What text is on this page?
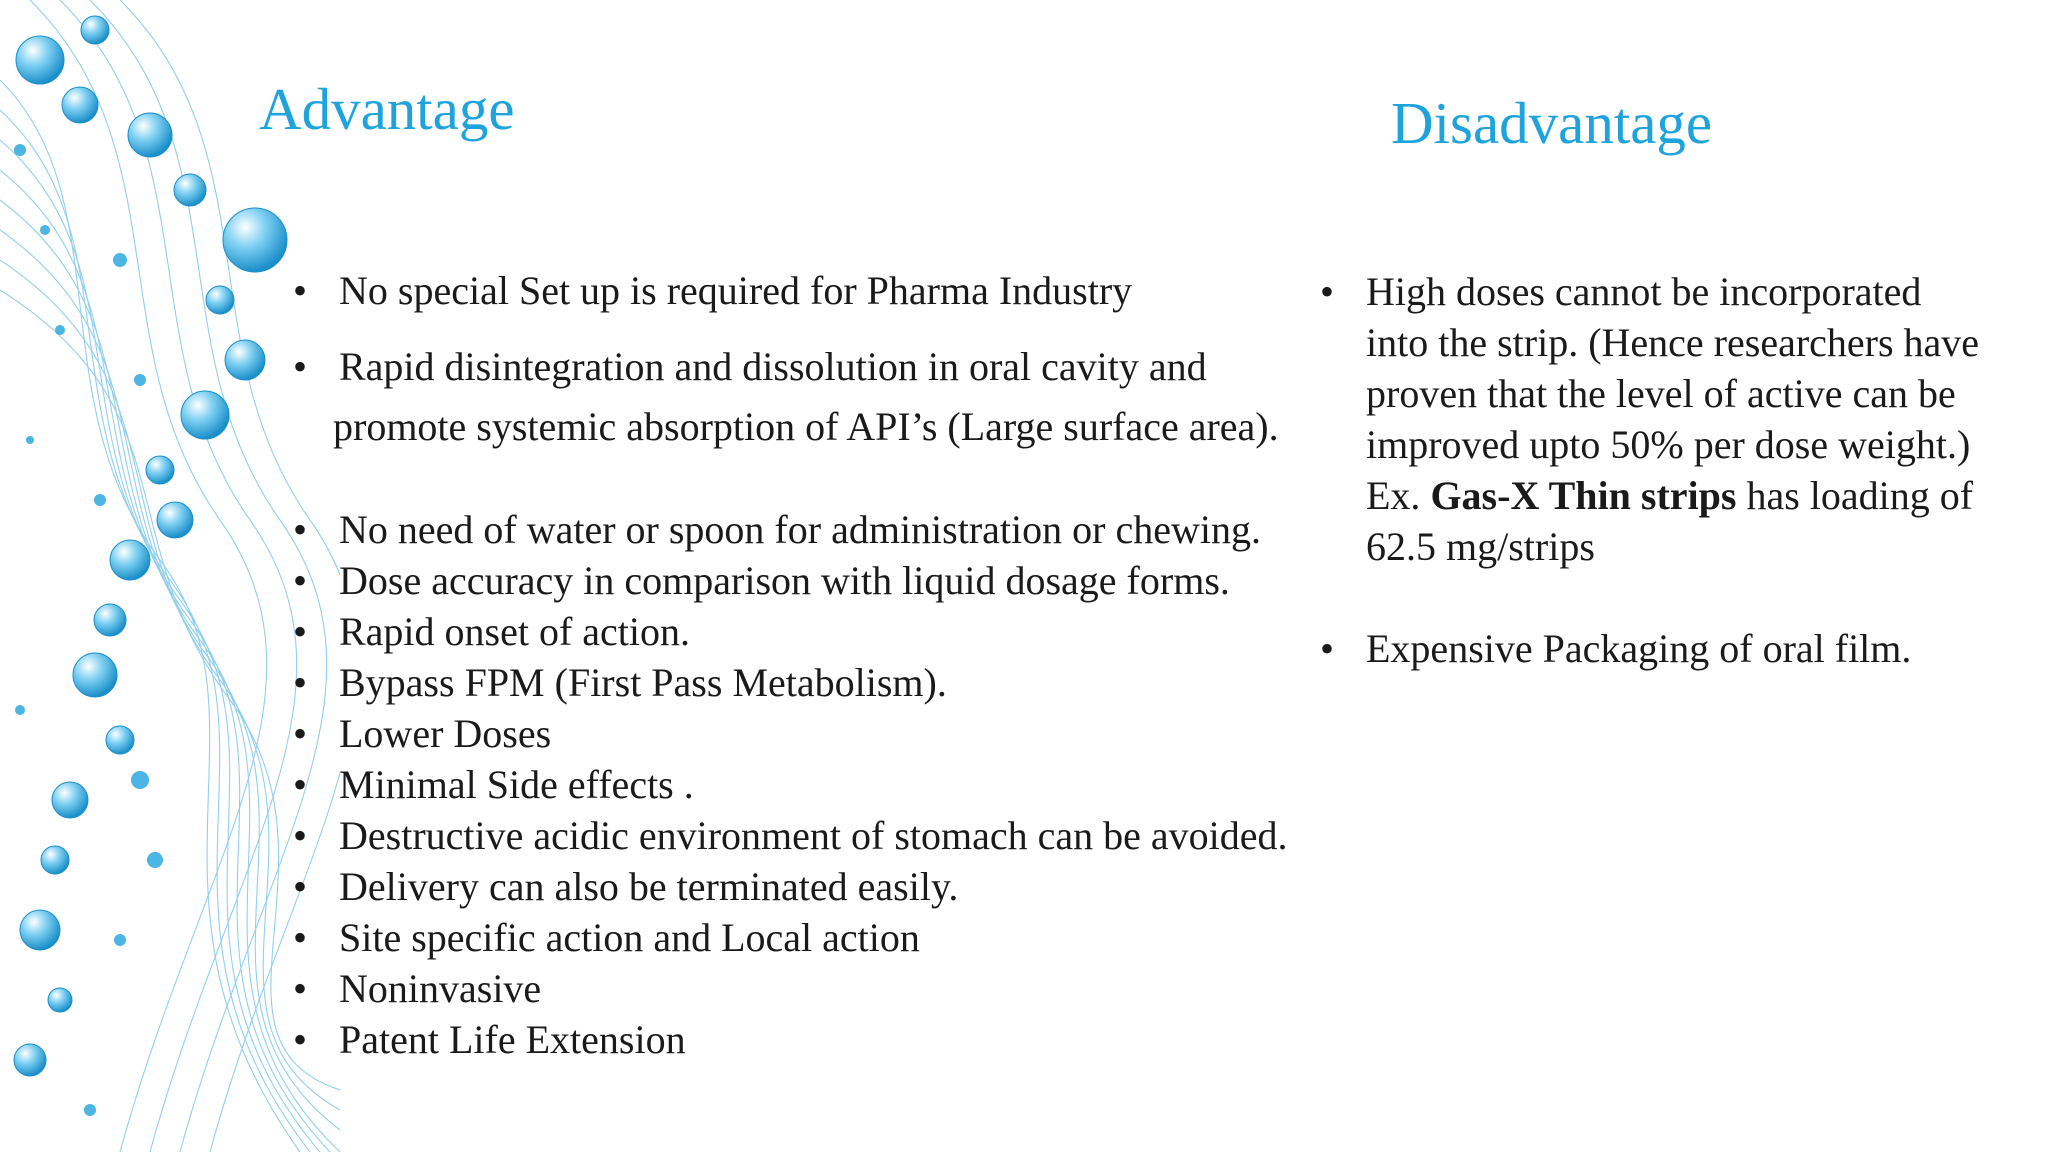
Advantage	Disadvantage
• No special Set up is required for Pharma Industry
• Rapid disintegration and dissolution in oral cavity and
promote systemic absorption of API’s (Large surface area).
• No need of water or spoon for administration or chewing.
• Dose accuracy in comparison with liquid dosage forms.
• Rapid onset of action.
• Bypass FPM (First Pass Metabolism).
• Lower Doses
• Minimal Side effects .
• Destructive acidic environment of stomach can be avoided.
• Delivery can also be terminated easily.
• Site specific action and Local action
• Noninvasive
• Patent Life Extension
• High doses cannot be incorporated
into the strip. (Hence researchers have
proven that the level of active can be
improved upto 50% per dose weight.)
Ex. Gas-X Thin strips has loading of
62.5 mg/strips
• Expensive Packaging of oral film.
